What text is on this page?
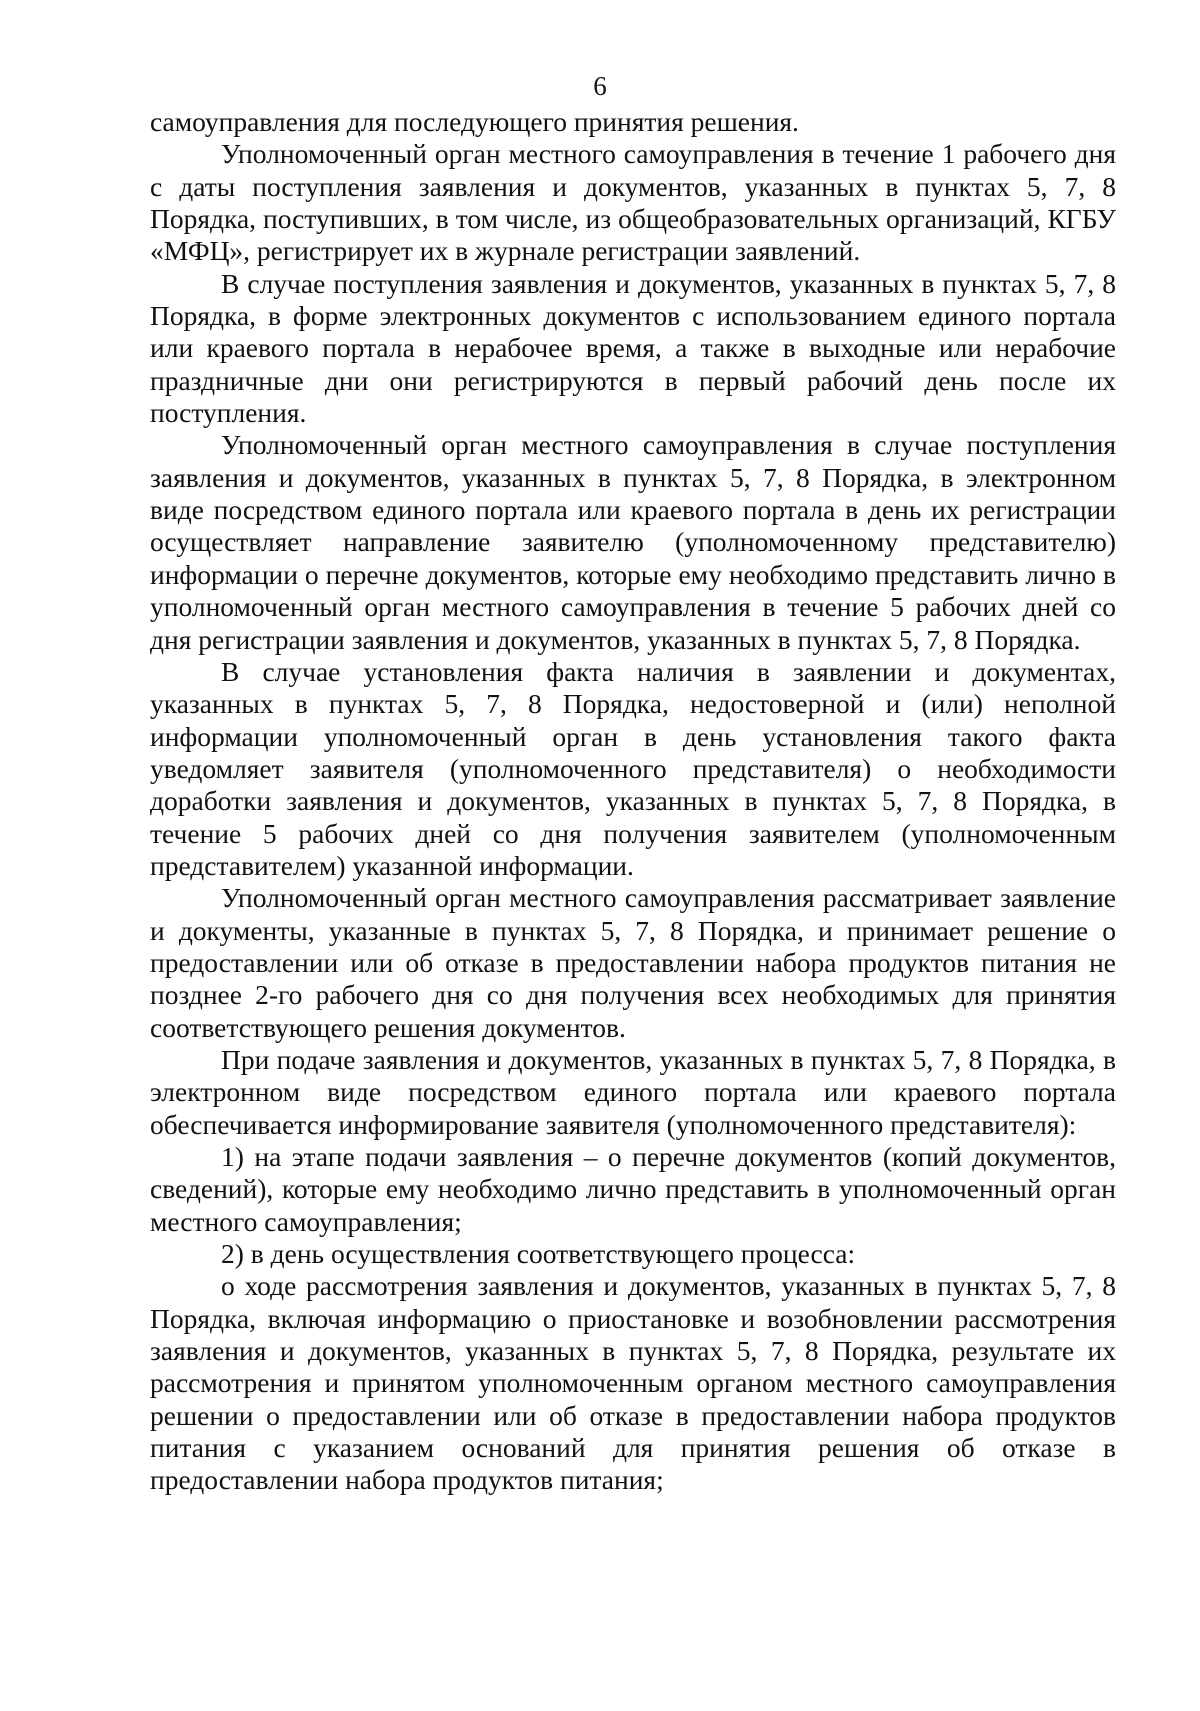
6

самоуправления для последующего принятия решения.

Уполномоченный орган местного самоуправления в течение 1 рабочего дня с даты поступления заявления и документов, указанных в пунктах 5, 7, 8 Порядка, поступивших, в том числе, из общеобразовательных организаций, КГБУ «МФЦ», регистрирует их в журнале регистрации заявлений.

В случае поступления заявления и документов, указанных в пунктах 5, 7, 8 Порядка, в форме электронных документов с использованием единого портала или краевого портала в нерабочее время, а также в выходные или нерабочие праздничные дни они регистрируются в первый рабочий день после их поступления.

Уполномоченный орган местного самоуправления в случае поступления заявления и документов, указанных в пунктах 5, 7, 8 Порядка, в электронном виде посредством единого портала или краевого портала в день их регистрации осуществляет направление заявителю (уполномоченному представителю) информации о перечне документов, которые ему необходимо представить лично в уполномоченный орган местного самоуправления в течение 5 рабочих дней со дня регистрации заявления и документов, указанных в пунктах 5, 7, 8 Порядка.

В случае установления факта наличия в заявлении и документах, указанных в пунктах 5, 7, 8 Порядка, недостоверной и (или) неполной информации уполномоченный орган в день установления такого факта уведомляет заявителя (уполномоченного представителя) о необходимости доработки заявления и документов, указанных в пунктах 5, 7, 8 Порядка, в течение 5 рабочих дней со дня получения заявителем (уполномоченным представителем) указанной информации.

Уполномоченный орган местного самоуправления рассматривает заявление и документы, указанные в пунктах 5, 7, 8 Порядка, и принимает решение о предоставлении или об отказе в предоставлении набора продуктов питания не позднее 2-го рабочего дня со дня получения всех необходимых для принятия соответствующего решения документов.

При подаче заявления и документов, указанных в пунктах 5, 7, 8 Порядка, в электронном виде посредством единого портала или краевого портала обеспечивается информирование заявителя (уполномоченного представителя):

1) на этапе подачи заявления – о перечне документов (копий документов, сведений), которые ему необходимо лично представить в уполномоченный орган местного самоуправления;

2) в день осуществления соответствующего процесса:

о ходе рассмотрения заявления и документов, указанных в пунктах 5, 7, 8 Порядка, включая информацию о приостановке и возобновлении рассмотрения заявления и документов, указанных в пунктах 5, 7, 8 Порядка, результате их рассмотрения и принятом уполномоченным органом местного самоуправления решении о предоставлении или об отказе в предоставлении набора продуктов питания с указанием оснований для принятия решения об отказе в предоставлении набора продуктов питания;
